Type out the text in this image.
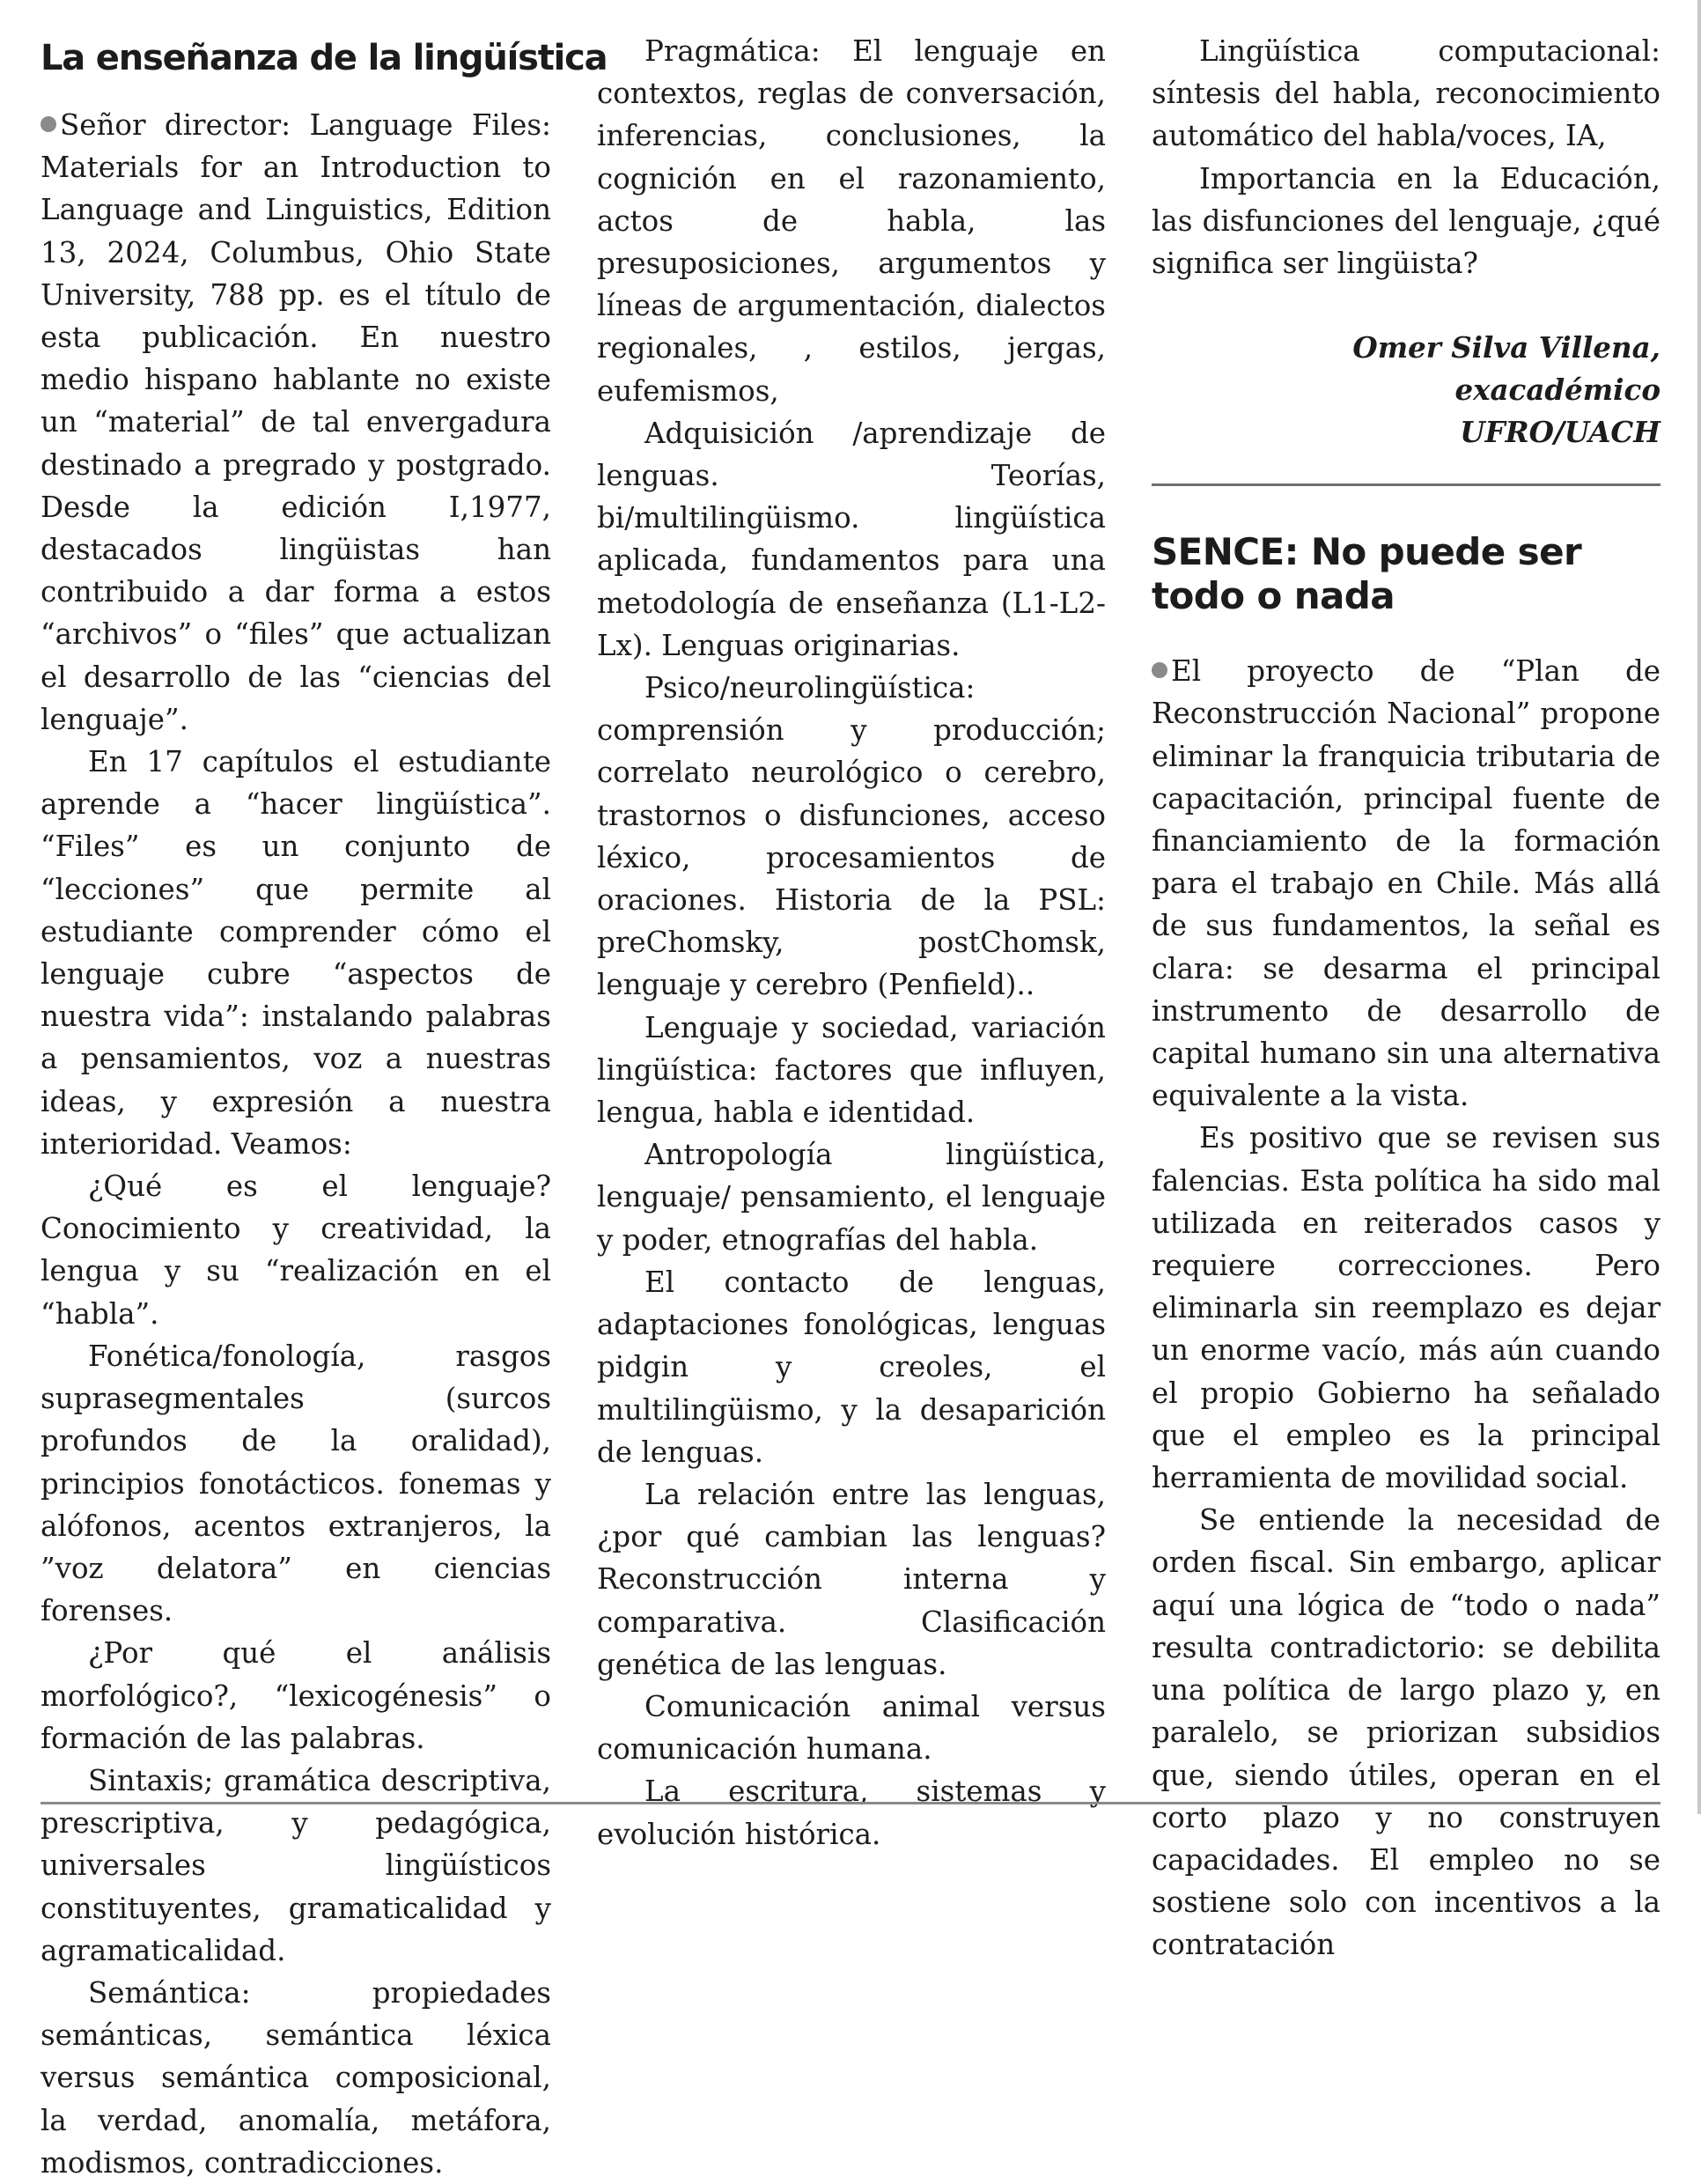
La enseñanza de la lingüística

Señor director: Language Files: Materials for an Introduction to Language and Linguistics, Edition 13, 2024, Columbus, Ohio State University, 788 pp. es el título de esta publicación. En nuestro medio hispano hablante no existe un “material” de tal envergadura destinado a pregrado y postgrado. Desde la edición I,1977, destacados lingüistas han contribuido a dar forma a estos “archivos” o “files” que actualizan el desarrollo de las “ciencias del lenguaje”.

En 17 capítulos el estudiante aprende a “hacer lingüística”. “Files” es un conjunto de “lecciones” que permite al estudiante comprender cómo el lenguaje cubre “aspectos de nuestra vida”: instalando palabras a pensamientos, voz a nuestras ideas, y expresión a nuestra interioridad. Veamos:

¿Qué es el lenguaje? Conocimiento y creatividad, la lengua y su “realización en el “habla”.

Fonética/fonología, rasgos suprasegmentales (surcos profundos de la oralidad), principios fonotácticos. fonemas y alófonos, acentos extranjeros, la ”voz delatora” en ciencias forenses.

¿Por qué el análisis morfológico?, “lexicogénesis” o formación de las palabras.

Sintaxis; gramática descriptiva, prescriptiva, y pedagógica, universales lingüísticos constituyentes, gramaticalidad y agramaticalidad.

Semántica: propiedades semánticas, semántica léxica versus semántica composicional, la verdad, anomalía, metáfora, modismos, contradicciones.

Pragmática: El lenguaje en contextos, reglas de conversación, inferencias, conclusiones, la cognición en el razonamiento, actos de habla, las presuposiciones, argumentos y líneas de argumentación, dialectos regionales, , estilos, jergas, eufemismos,

Adquisición /aprendizaje de lenguas. Teorías, bi/multilingüismo. lingüística aplicada, fundamentos para una metodología de enseñanza (L1-L2-Lx). Lenguas originarias.

Psico/neurolingüística: comprensión y producción; correlato neurológico o cerebro, trastornos o disfunciones, acceso léxico, procesamientos de oraciones. Historia de la PSL: preChomsky, postChomsk, lenguaje y cerebro (Penfield)..

Lenguaje y sociedad, variación lingüística: factores que influyen, lengua, habla e identidad.

Antropología lingüística, lenguaje/ pensamiento, el lenguaje y poder, etnografías del habla.

El contacto de lenguas, adaptaciones fonológicas, lenguas pidgin y creoles, el multilingüismo, y la desaparición de lenguas.

La relación entre las lenguas, ¿por qué cambian las lenguas? Reconstrucción interna y comparativa. Clasificación genética de las lenguas.

Comunicación animal versus comunicación humana.

La escritura, sistemas y evolución histórica.

Lingüística computacional: síntesis del habla, reconocimiento automático del habla/voces, IA,

Importancia en la Educación, las disfunciones del lenguaje, ¿qué significa ser lingüista?

Omer Silva Villena, exacadémico
UFRO/UACH
SENCE: No puede ser todo o nada

El proyecto de “Plan de Reconstrucción Nacional” propone eliminar la franquicia tributaria de capacitación, principal fuente de financiamiento de la formación para el trabajo en Chile. Más allá de sus fundamentos, la señal es clara: se desarma el principal instrumento de desarrollo de capital humano sin una alternativa equivalente a la vista.

Es positivo que se revisen sus falencias. Esta política ha sido mal utilizada en reiterados casos y requiere correcciones. Pero eliminarla sin reemplazo es dejar un enorme vacío, más aún cuando el propio Gobierno ha señalado que el empleo es la principal herramienta de movilidad social.

Se entiende la necesidad de orden fiscal. Sin embargo, aplicar aquí una lógica de “todo o nada” resulta contradictorio: se debilita una política de largo plazo y, en paralelo, se priorizan subsidios que, siendo útiles, operan en el corto plazo y no construyen capacidades. El empleo no se sostiene solo con incentivos a la contratación
